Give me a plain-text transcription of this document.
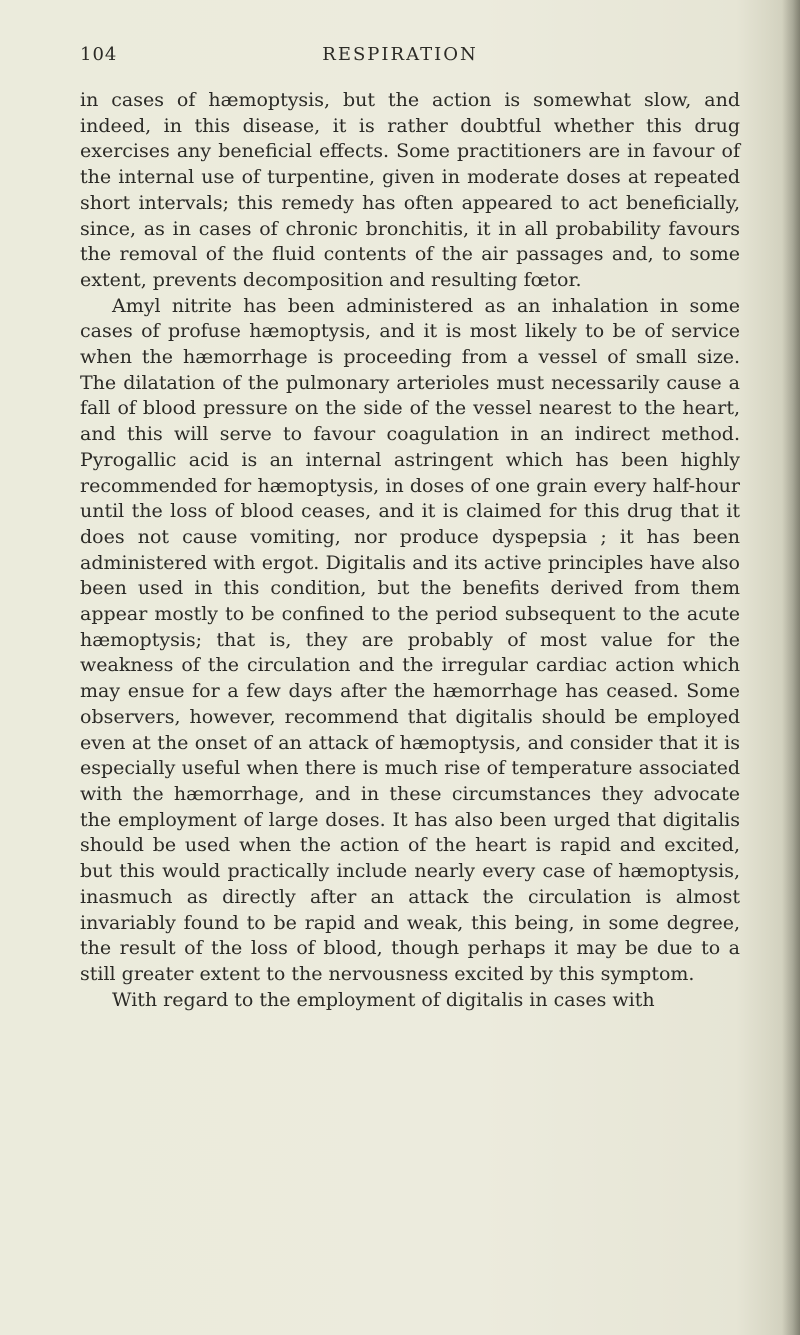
104	RESPIRATION

in cases of hæmoptysis, but the action is somewhat slow, and indeed, in this disease, it is rather doubtful whether this drug exercises any beneficial effects. Some practitioners are in favour of the internal use of turpentine, given in moderate doses at repeated short intervals; this remedy has often appeared to act beneficially, since, as in cases of chronic bronchitis, it in all probability favours the removal of the fluid contents of the air passages and, to some extent, prevents decomposition and resulting fœtor.

Amyl nitrite has been administered as an inhalation in some cases of profuse hæmoptysis, and it is most likely to be of service when the hæmorrhage is proceeding from a vessel of small size. The dilatation of the pulmonary arterioles must necessarily cause a fall of blood pressure on the side of the vessel nearest to the heart, and this will serve to favour coagulation in an indirect method. Pyrogallic acid is an internal astringent which has been highly recommended for hæmoptysis, in doses of one grain every half-hour until the loss of blood ceases, and it is claimed for this drug that it does not cause vomiting, nor produce dyspepsia ; it has been administered with ergot. Digitalis and its active principles have also been used in this condition, but the benefits derived from them appear mostly to be confined to the period subsequent to the acute hæmoptysis; that is, they are probably of most value for the weakness of the circulation and the irregular cardiac action which may ensue for a few days after the hæmorrhage has ceased. Some observers, however, recommend that digitalis should be employed even at the onset of an attack of hæmoptysis, and consider that it is especially useful when there is much rise of temperature associated with the hæmorrhage, and in these circumstances they advocate the employment of large doses. It has also been urged that digitalis should be used when the action of the heart is rapid and excited, but this would practically include nearly every case of hæmoptysis, inasmuch as directly after an attack the circulation is almost invariably found to be rapid and weak, this being, in some degree, the result of the loss of blood, though perhaps it may be due to a still greater extent to the nervousness excited by this symptom.

With regard to the employment of digitalis in cases with
